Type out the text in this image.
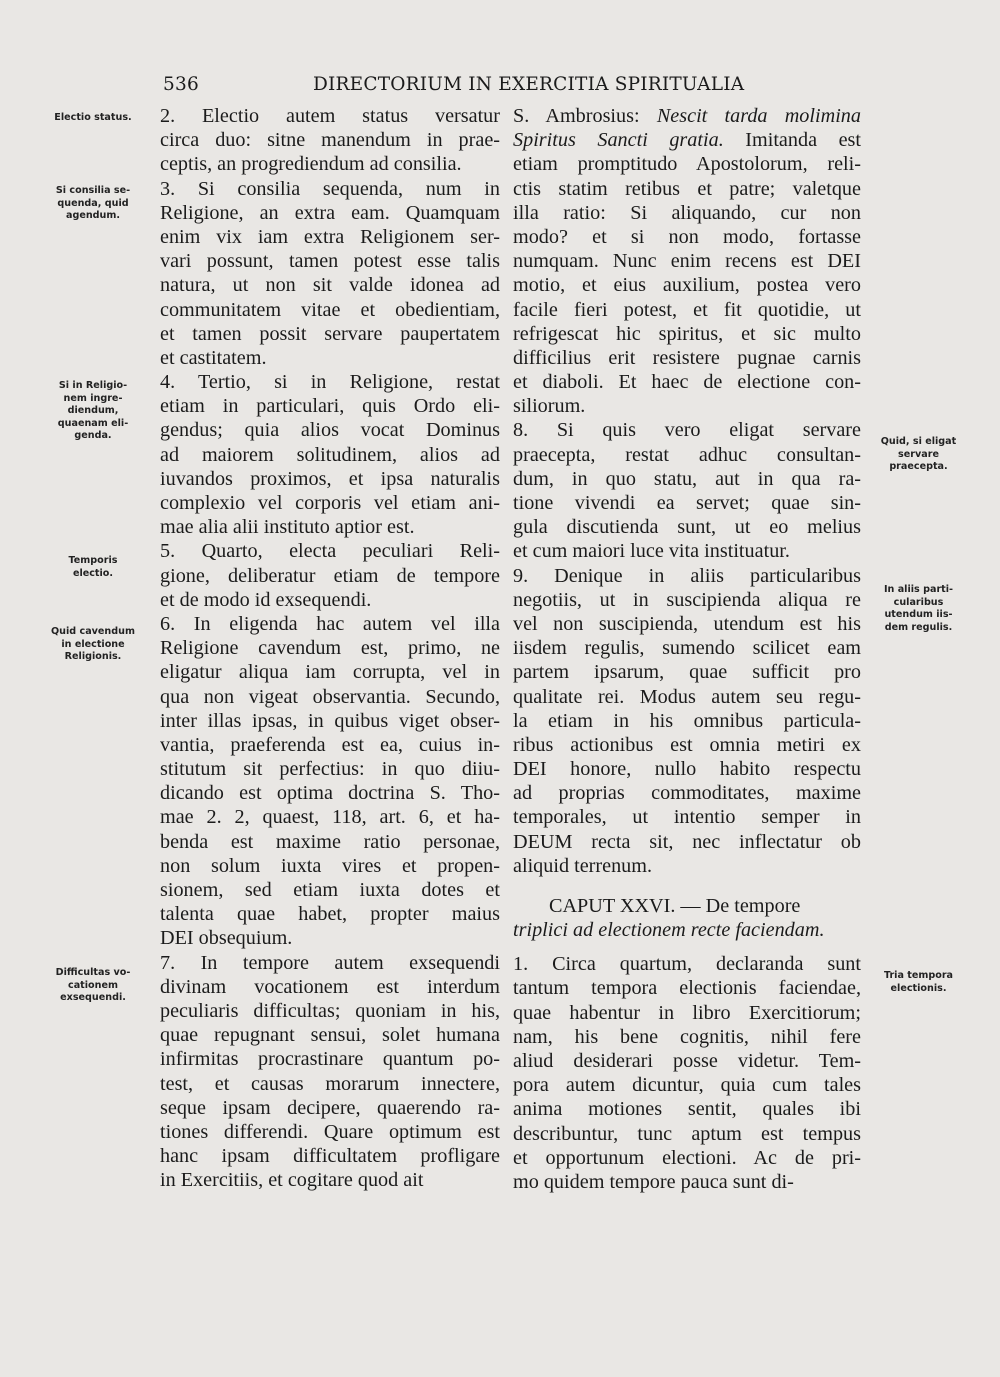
536	DIRECTORIUM IN EXERCITIA SPIRITUALIA
Electio status.
Si consilia se-
quenda, quid
agendum.
Si in Religio-
nem ingre-
diendum,
quaenam eli-
genda.
Temporis
electio.
Quid cavendum
in electione
Religionis.
Difficultas vo-
cationem
exsequendi.
Quid, si eligat
servare
praecepta.
In aliis parti-
cularibus
utendum iis-
dem regulis.
Tria tempora
electionis.
2. Electio autem status versatur
circa duo: sitne manendum in prae-
ceptis, an progrediendum ad consilia.
3. Si consilia sequenda, num in
Religione, an extra eam. Quamquam
enim vix iam extra Religionem ser-
vari possunt, tamen potest esse talis
natura, ut non sit valde idonea ad
communitatem vitae et obedientiam,
et tamen possit servare paupertatem
et castitatem.
4. Tertio, si in Religione, restat
etiam in particulari, quis Ordo eli-
gendus; quia alios vocat Dominus
ad maiorem solitudinem, alios ad
iuvandos proximos, et ipsa naturalis
complexio vel corporis vel etiam ani-
mae alia alii instituto aptior est.
5. Quarto, electa peculiari Reli-
gione, deliberatur etiam de tempore
et de modo id exsequendi.
6. In eligenda hac autem vel illa
Religione cavendum est, primo, ne
eligatur aliqua iam corrupta, vel in
qua non vigeat observantia. Secundo,
inter illas ipsas, in quibus viget obser-
vantia, praeferenda est ea, cuius in-
stitutum sit perfectius: in quo diiu-
dicando est optima doctrina S. Tho-
mae 2. 2, quaest, 118, art. 6, et ha-
benda est maxime ratio personae,
non solum iuxta vires et propen-
sionem, sed etiam iuxta dotes et
talenta quae habet, propter maius
DEI obsequium.
7. In tempore autem exsequendi
divinam vocationem est interdum
peculiaris difficultas; quoniam in his,
quae repugnant sensui, solet humana
infirmitas procrastinare quantum po-
test, et causas morarum innectere,
seque ipsam decipere, quaerendo ra-
tiones differendi. Quare optimum est
hanc ipsam difficultatem profligare
in Exercitiis, et cogitare quod ait
S. Ambrosius: Nescit tarda molimina
Spiritus Sancti gratia. Imitanda est
etiam promptitudo Apostolorum, reli-
ctis statim retibus et patre; valetque
illa ratio: Si aliquando, cur non
modo? et si non modo, fortasse
numquam. Nunc enim recens est DEI
motio, et eius auxilium, postea vero
facile fieri potest, et fit quotidie, ut
refrigescat hic spiritus, et sic multo
difficilius erit resistere pugnae carnis
et diaboli. Et haec de electione con-
siliorum.
8. Si quis vero eligat servare
praecepta, restat adhuc consultan-
dum, in quo statu, aut in qua ra-
tione vivendi ea servet; quae sin-
gula discutienda sunt, ut eo melius
et cum maiori luce vita instituatur.
9. Denique in aliis particularibus
negotiis, ut in suscipienda aliqua re
vel non suscipienda, utendum est his
iisdem regulis, sumendo scilicet eam
partem ipsarum, quae sufficit pro
qualitate rei. Modus autem seu regu-
la etiam in his omnibus particula-
ribus actionibus est omnia metiri ex
DEI honore, nullo habito respectu
ad proprias commoditates, maxime
temporales, ut intentio semper in
DEUM recta sit, nec inflectatur ob
aliquid terrenum.
CAPUT XXVI. — De tempore
triplici ad electionem recte faciendam.
1. Circa quartum, declaranda sunt
tantum tempora electionis faciendae,
quae habentur in libro Exercitiorum;
nam, his bene cognitis, nihil fere
aliud desiderari posse videtur. Tem-
pora autem dicuntur, quia cum tales
anima motiones sentit, quales ibi
describuntur, tunc aptum est tempus
et opportunum electioni. Ac de pri-
mo quidem tempore pauca sunt di-
